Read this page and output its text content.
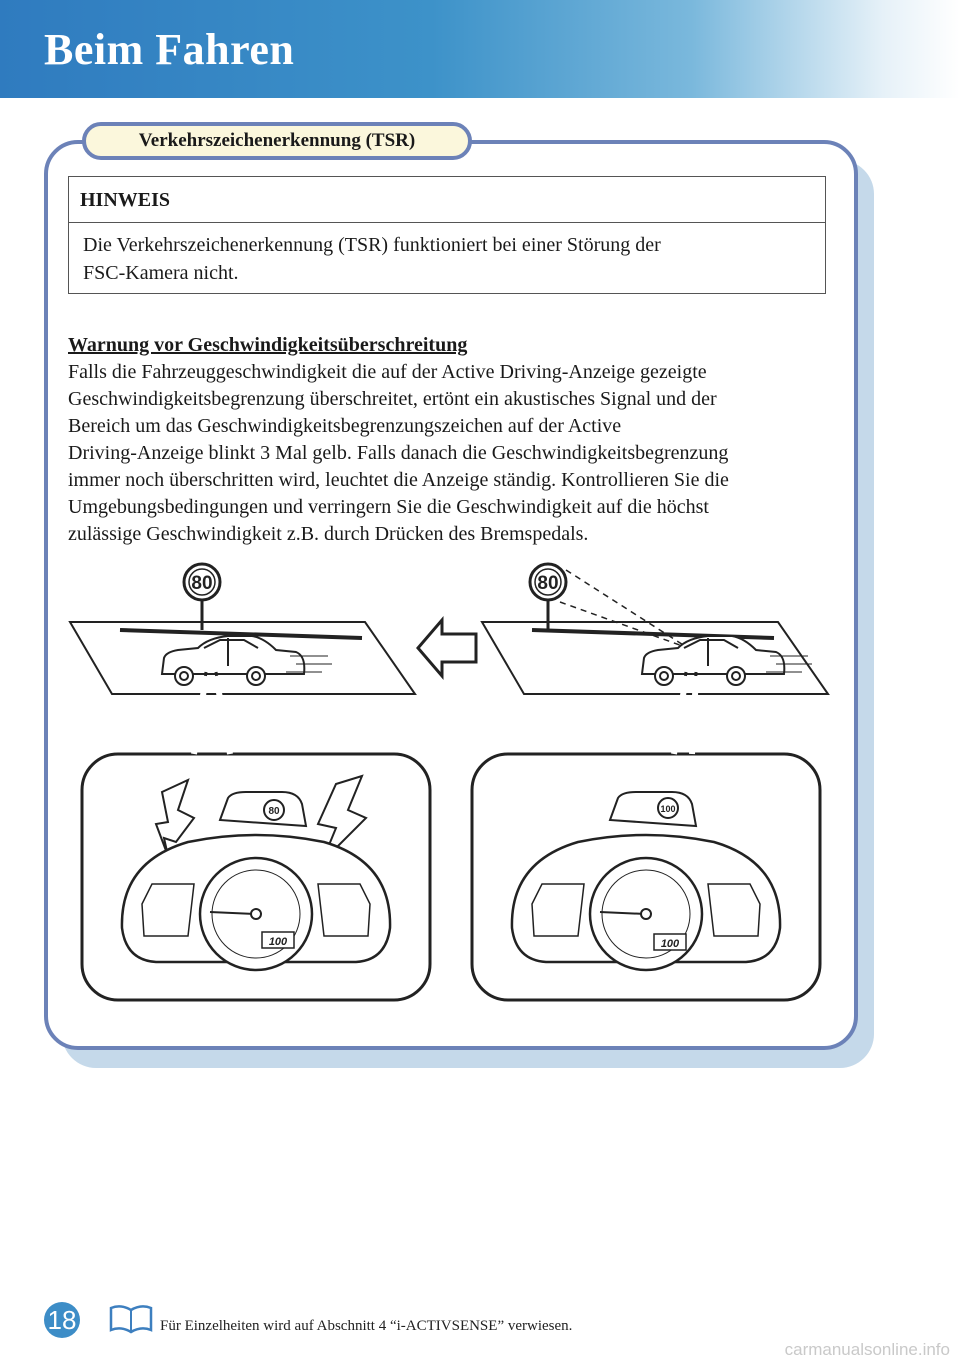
Beim Fahren
Verkehrszeichenerkennung (TSR)
HINWEIS
Die Verkehrszeichenerkennung (TSR) funktioniert bei einer Störung der
FSC-Kamera nicht.
Warnung vor Geschwindigkeitsüberschreitung
Falls die Fahrzeuggeschwindigkeit die auf der Active Driving-Anzeige gezeigte
Geschwindigkeitsbegrenzung überschreitet, ertönt ein akustisches Signal und der
Bereich um das Geschwindigkeitsbegrenzungszeichen auf der Active
Driving-Anzeige blinkt 3 Mal gelb. Falls danach die Geschwindigkeitsbegrenzung
immer noch überschritten wird, leuchtet die Anzeige ständig. Kontrollieren Sie die
Umgebungsbedingungen und verringern Sie die Geschwindigkeit auf die höchst
zulässige Geschwindigkeit z.B. durch Drücken des Bremspedals.
80	80
80	100
100	100
18	Für Einzelheiten wird auf Abschnitt 4 “i-ACTIVSENSE” verwiesen.
carmanualsonline.info
